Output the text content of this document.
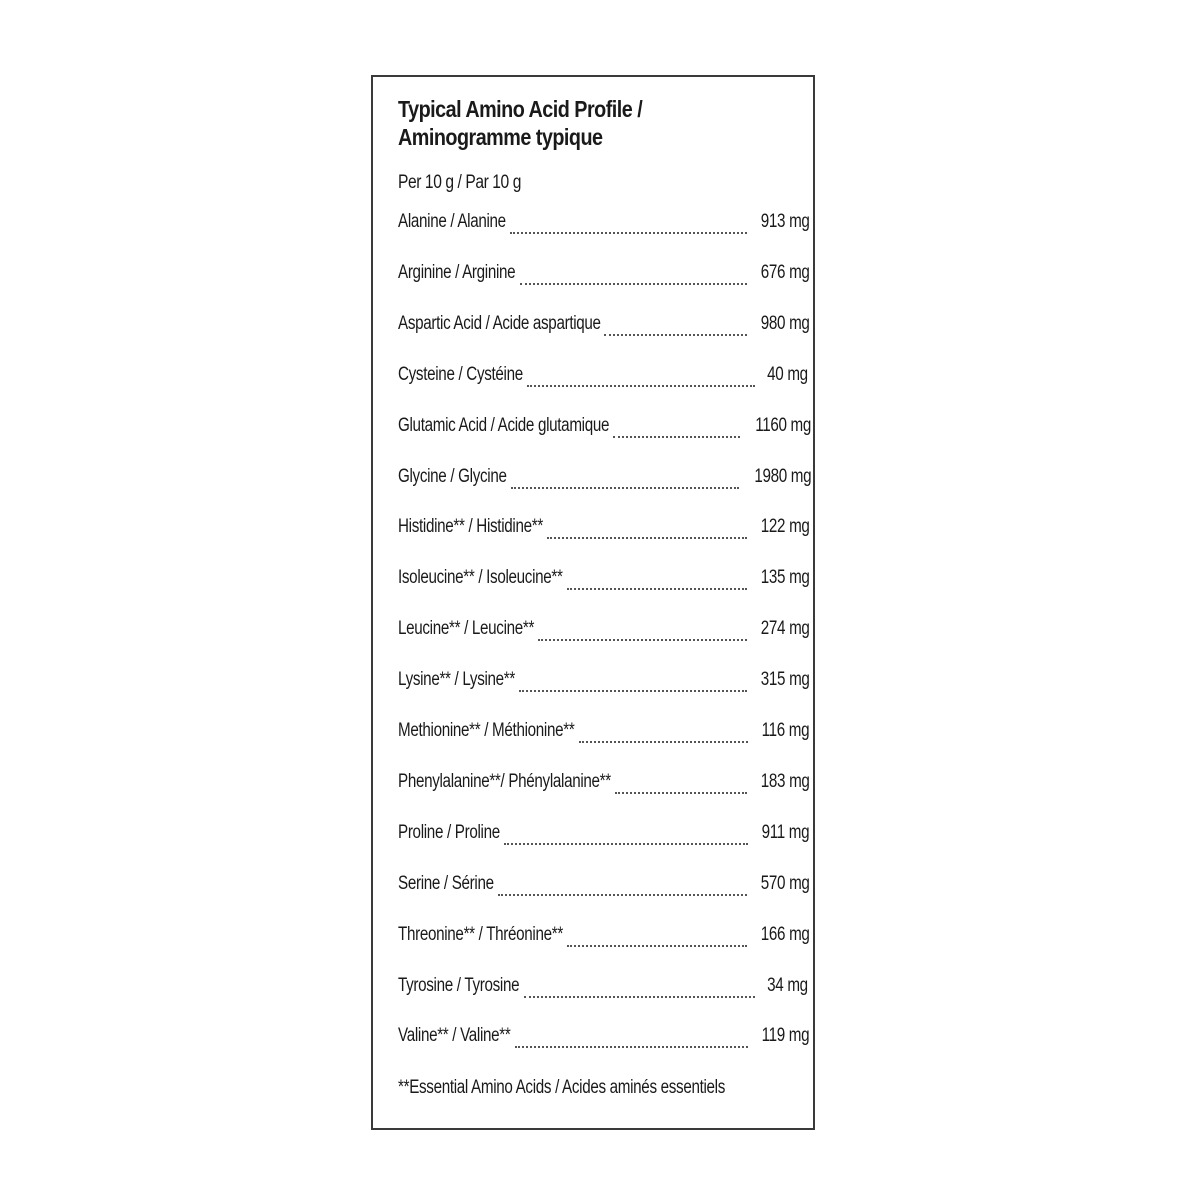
Typical Amino Acid Profile /
Aminogramme typique
Per 10 g / Par 10 g
Alanine / Alanine	913 mg
Arginine / Arginine	676 mg
Aspartic Acid / Acide aspartique	980 mg
Cysteine / Cystéine	40 mg
Glutamic Acid / Acide glutamique	1160 mg
Glycine / Glycine	1980 mg
Histidine** / Histidine**	122 mg
Isoleucine** / Isoleucine**	135 mg
Leucine** / Leucine**	274 mg
Lysine** / Lysine**	315 mg
Methionine** / Méthionine**	116 mg
Phenylalanine**/ Phénylalanine**	183 mg
Proline / Proline	911 mg
Serine / Sérine	570 mg
Threonine** / Thréonine**	166 mg
Tyrosine / Tyrosine	34 mg
Valine** / Valine**	119 mg
**Essential Amino Acids / Acides aminés essentiels
